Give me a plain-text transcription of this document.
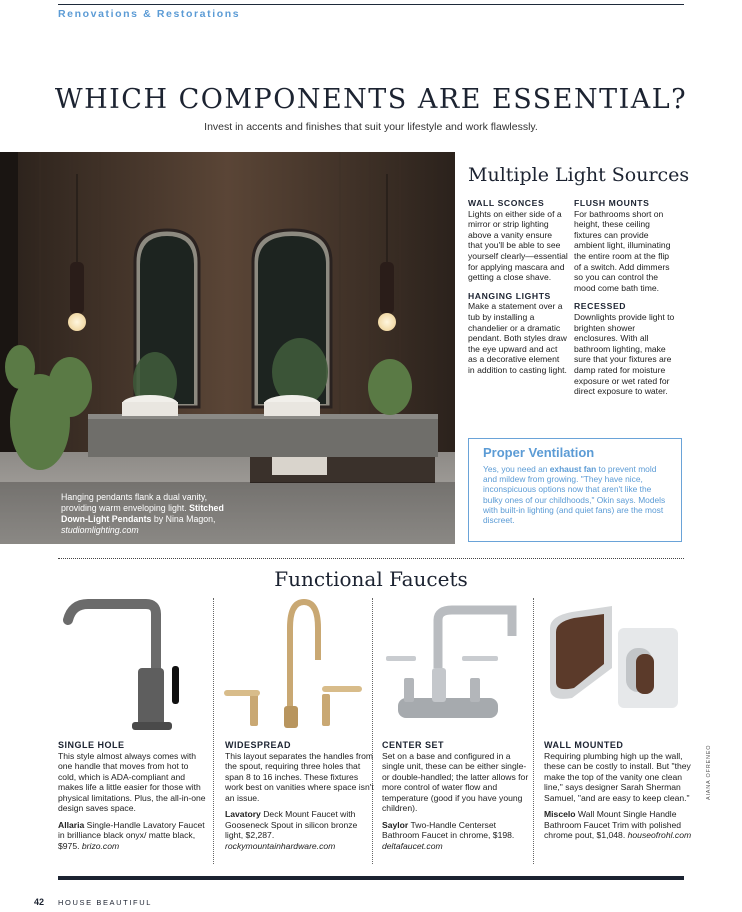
Renovations & Restorations
WHICH COMPONENTS ARE ESSENTIAL?
Invest in accents and finishes that suit your lifestyle and work flawlessly.
Hanging pendants flank a dual vanity, providing warm enveloping light. Stitched Down-Light Pendants by Nina Magon, studiomlighting.com
Multiple Light Sources
WALL SCONCES

Lights on either side of a mirror or strip lighting above a vanity ensure that you'll be able to see yourself clearly—essential for applying mascara and getting a close shave.

HANGING LIGHTS

Make a statement over a tub by installing a chandelier or a dramatic pendant. Both styles draw the eye upward and act as a decorative element in addition to casting light.

FLUSH MOUNTS

For bathrooms short on height, these ceiling fixtures can provide ambient light, illuminating the entire room at the flip of a switch. Add dimmers so you can control the mood come bath time.

RECESSED

Downlights provide light to brighten shower enclosures. With all bathroom lighting, make sure that your fixtures are damp rated for moisture exposure or wet rated for direct exposure to water.

Proper Ventilation

Yes, you need an exhaust fan to prevent mold and mildew from growing. "They have nice, inconspicuous options now that aren't like the bulky ones of our childhoods," Okin says. Models with built-in lighting (and quiet fans) are the most discreet.

Functional Faucets
SINGLE HOLE

This style almost always comes with one handle that moves from hot to cold, which is ADA-compliant and makes life a little easier for those with physical limitations. Plus, the all-in-one design saves space.

Allaria Single-Handle Lavatory Faucet in brilliance black onyx/ matte black, $975. brizo.com

WIDESPREAD

This layout separates the handles from the spout, requiring three holes that span 8 to 16 inches. These fixtures work best on vanities where space isn't an issue.

Lavatory Deck Mount Faucet with Gooseneck Spout in silicon bronze light, $2,287. rockymountainhardware.com

CENTER SET

Set on a base and configured in a single unit, these can be either single- or double-handled; the latter allows for more control of water flow and temperature (good if you have young children).

Saylor Two-Handle Centerset Bathroom Faucet in chrome, $198. deltafaucet.com

WALL MOUNTED

Requiring plumbing high up the wall, these can be costly to install. But "they make the top of the vanity one clean line," says designer Sarah Sherman Samuel, "and are easy to keep clean."

Miscelo Wall Mount Single Handle Bathroom Faucet Trim with polished chrome pout, $1,048. houseofrohl.com

AIANA OFRENEO
42 HOUSE BEAUTIFUL
